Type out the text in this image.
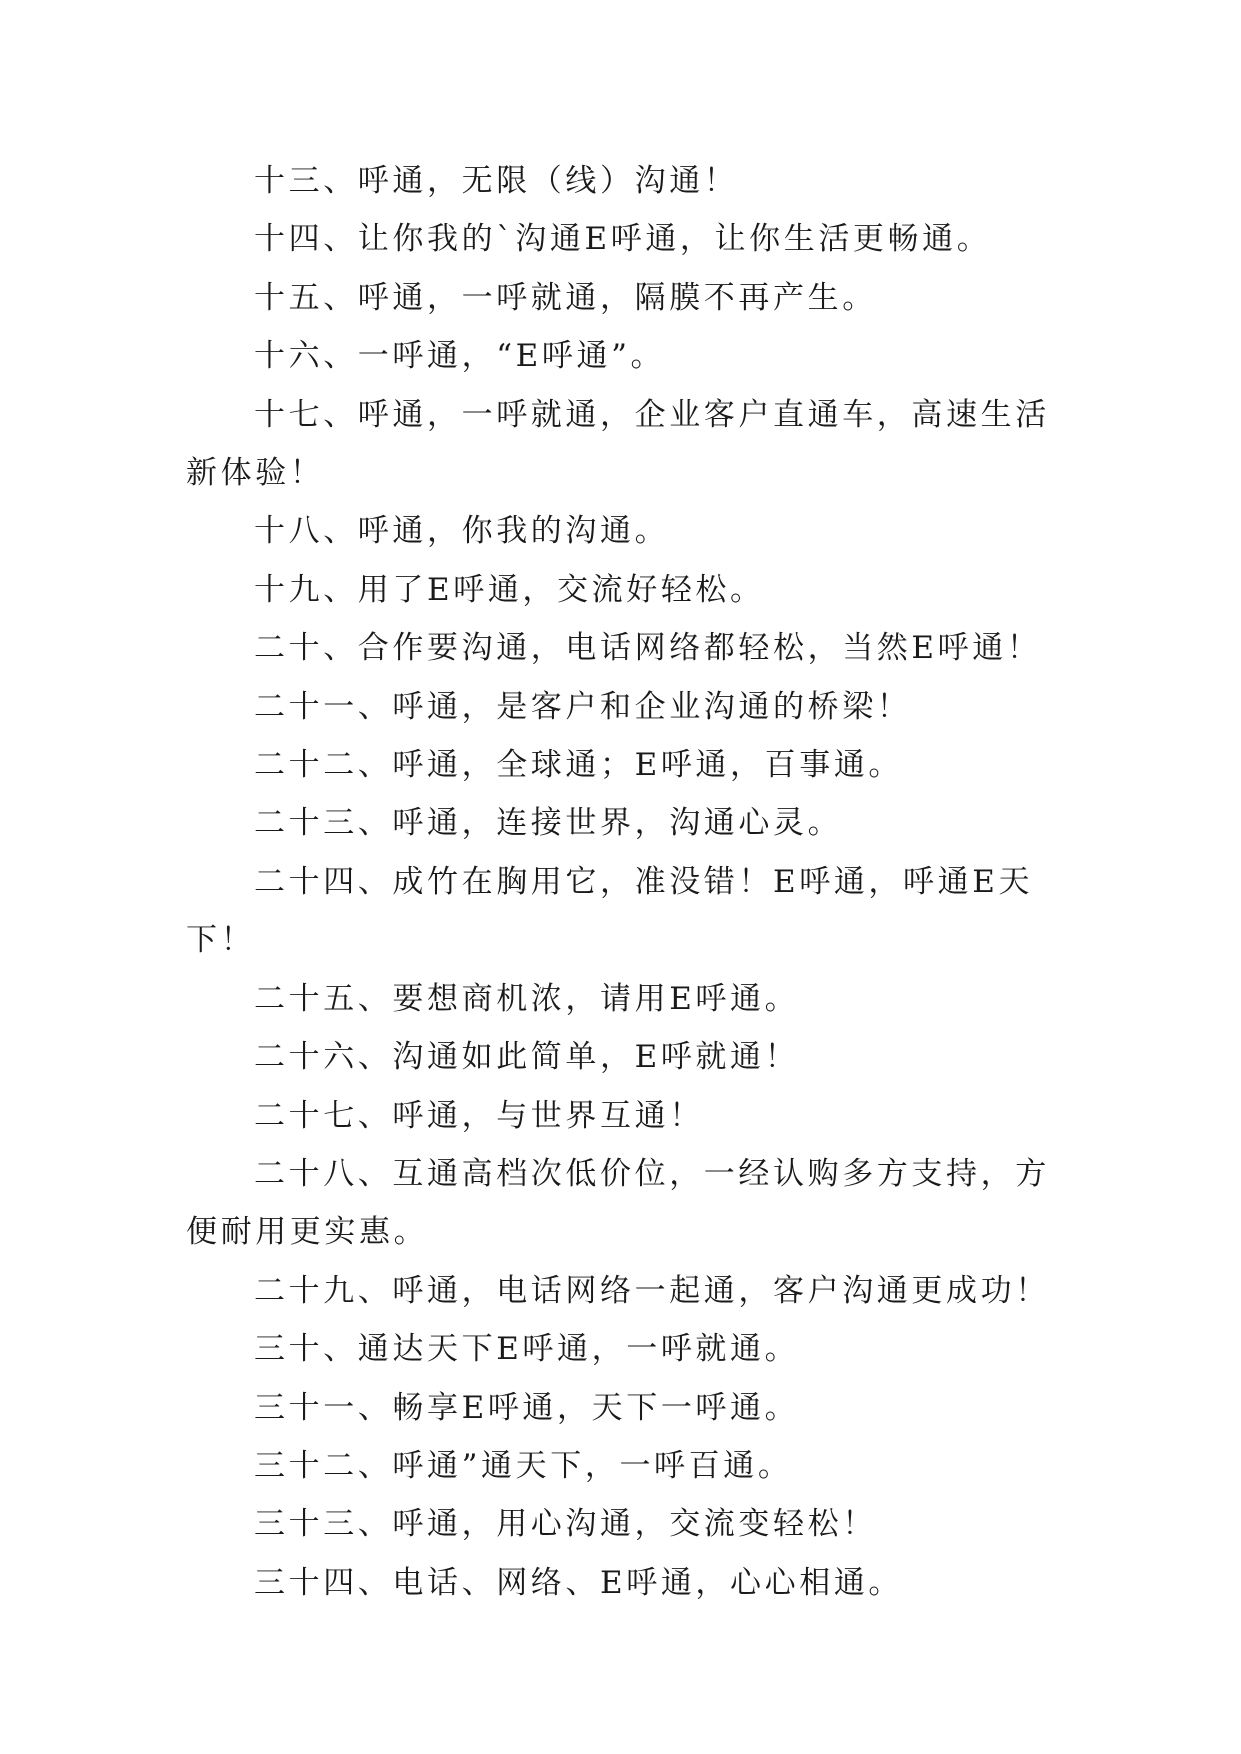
十三、呼通，无限（线）沟通！

十四、让你我的`沟通E呼通，让你生活更畅通。

十五、呼通，一呼就通，隔膜不再产生。

十六、一呼通，“E呼通”。

十七、呼通，一呼就通，企业客户直通车，高速生活新体验！

十八、呼通，你我的沟通。

十九、用了E呼通，交流好轻松。

二十、合作要沟通，电话网络都轻松，当然E呼通！

二十一、呼通，是客户和企业沟通的桥梁！

二十二、呼通，全球通；E呼通，百事通。

二十三、呼通，连接世界，沟通心灵。

二十四、成竹在胸用它，准没错！E呼通，呼通E天下！

二十五、要想商机浓，请用E呼通。

二十六、沟通如此简单，E呼就通！

二十七、呼通，与世界互通！

二十八、互通高档次低价位，一经认购多方支持，方便耐用更实惠。

二十九、呼通，电话网络一起通，客户沟通更成功！

三十、通达天下E呼通，一呼就通。

三十一、畅享E呼通，天下一呼通。

三十二、呼通”通天下，一呼百通。

三十三、呼通，用心沟通，交流变轻松！

三十四、电话、网络、E呼通，心心相通。
